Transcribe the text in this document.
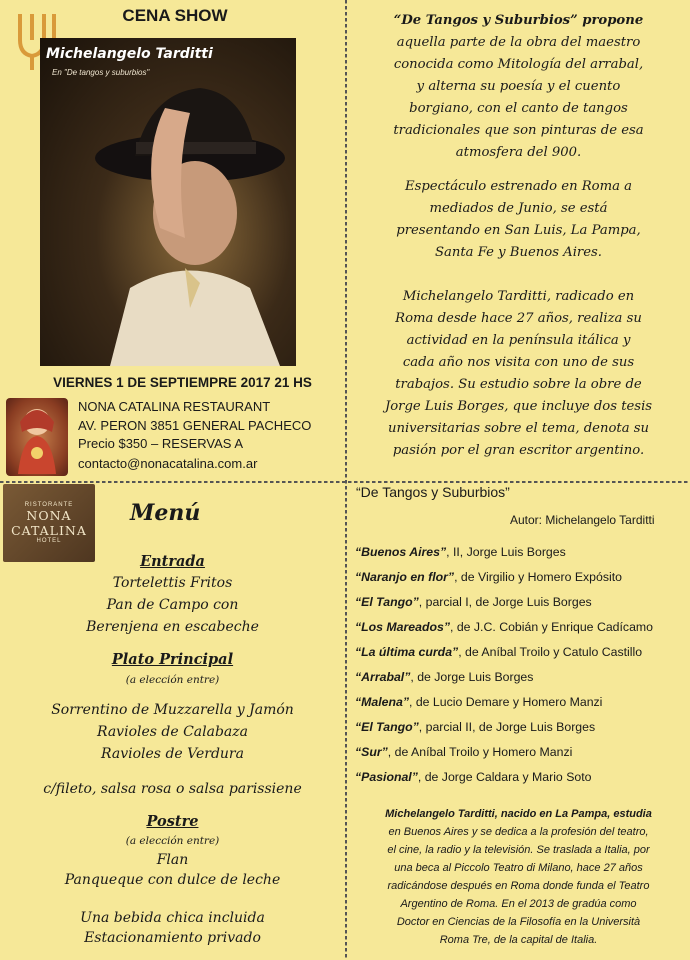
CENA SHOW
Michelangelo Tarditti
En "De tangos y suburbios"
VIERNES 1 DE SEPTIEMPRE 2017 21 HS
NONA CATALINA RESTAURANT
AV. PERON 3851 GENERAL PACHECO
Precio $350 – RESERVAS A
contacto@nonacatalina.com.ar
“De Tangos y Suburbios” propone
aquella parte de la obra del maestro
conocida como Mitología del arrabal,
y alterna su poesía y el cuento
borgiano, con el canto de tangos
tradicionales que son pinturas de esa
atmosfera del 900.
Espectáculo estrenado en Roma a
mediados de Junio, se está
presentando en San Luis, La Pampa,
Santa Fe y Buenos Aires.
Michelangelo Tarditti, radicado en
Roma desde hace 27 años, realiza su
actividad en la península itálica y
cada año nos visita con uno de sus
trabajos. Su estudio sobre la obre de
Jorge Luis Borges, que incluye dos tesis
universitarias sobre el tema, denota su
pasión por el gran escritor argentino.
RISTORANTE
NONA
CATALINA
HOTEL
Menú
Entrada
Tortelettis Fritos
Pan de Campo con
Berenjena en escabeche
Plato Principal
(a elección entre)
Sorrentino de Muzzarella y Jamón
Ravioles de Calabaza
Ravioles de Verdura
c/fileto, salsa rosa o salsa parissiene
Postre
(a elección entre)
Flan
Panqueque con dulce de leche
Una bebida chica incluida
Estacionamiento privado
“De Tangos y Suburbios”
Autor: Michelangelo Tarditti
“Buenos Aires”, II, Jorge Luis Borges
“Naranjo en flor”, de Virgilio y Homero Expósito
“El Tango”, parcial I, de Jorge Luis Borges
“Los Mareados”, de J.C. Cobián y Enrique Cadícamo
“La última curda”, de Aníbal Troilo y Catulo Castillo
“Arrabal”, de Jorge Luis Borges
“Malena”, de Lucio Demare y Homero Manzi
“El Tango”, parcial II, de Jorge Luis Borges
“Sur”, de Aníbal Troilo y Homero Manzi
“Pasional”, de Jorge Caldara y Mario Soto
Michelangelo Tarditti, nacido en La Pampa, estudia
en Buenos Aires y se dedica a la profesión del teatro,
el cine, la radio y la televisión. Se traslada a Italia, por
una beca al Piccolo Teatro di Milano, hace 27 años
radicándose después en Roma donde funda el Teatro
Argentino de Roma. En el 2013 de gradúa como
Doctor en Ciencias de la Filosofía en la Università
Roma Tre, de la capital de Italia.
